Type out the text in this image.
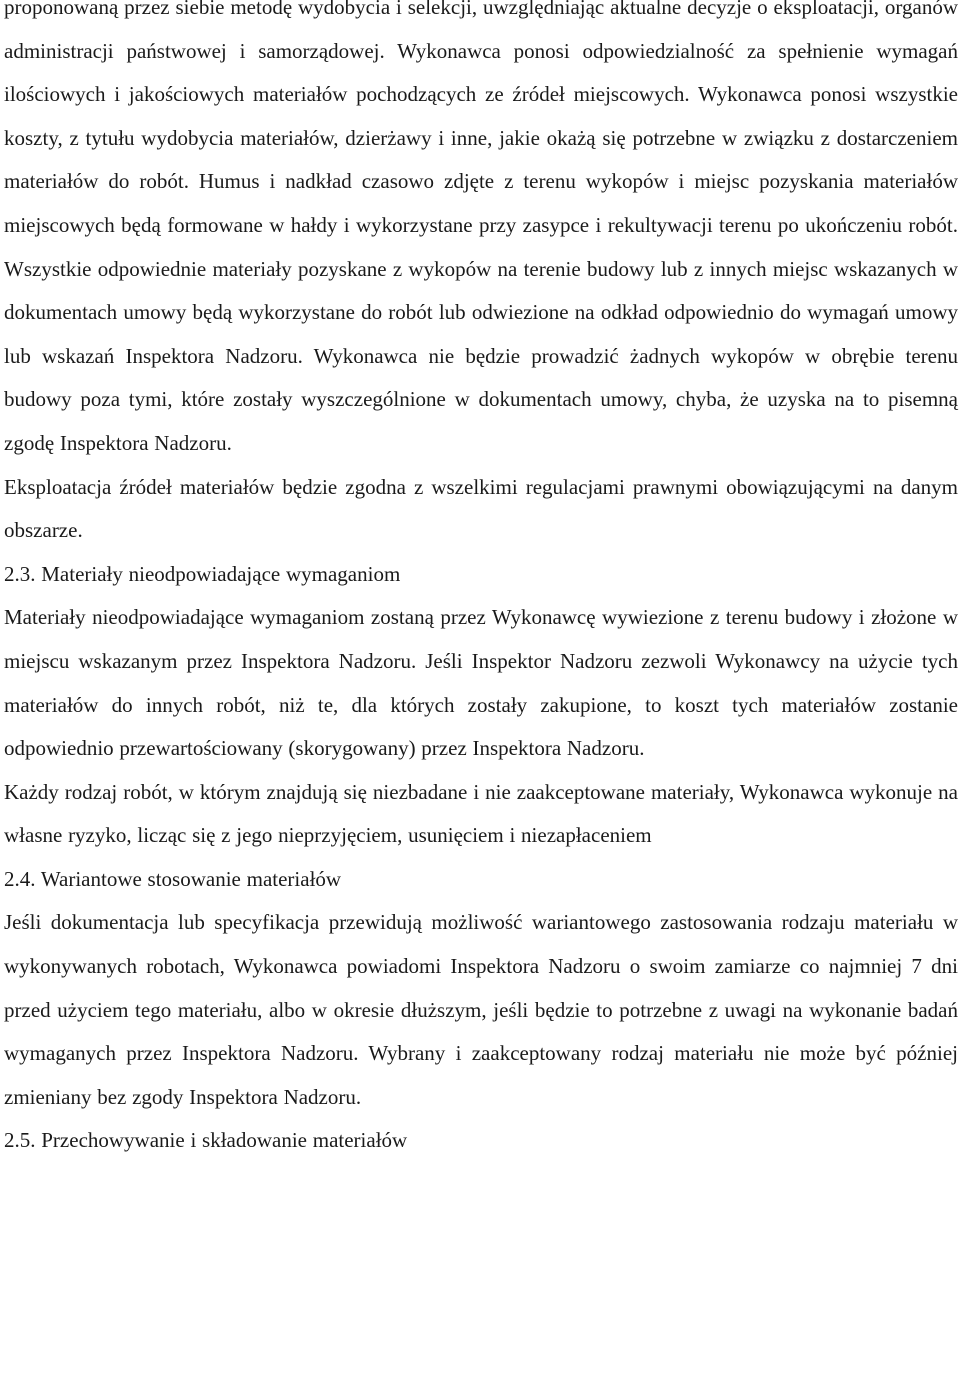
proponowaną przez siebie metodę wydobycia i selekcji, uwzględniając aktualne decyzje o eksploatacji, organów administracji państwowej i samorządowej. Wykonawca ponosi odpowiedzialność za spełnienie wymagań ilościowych i jakościowych materiałów pochodzących ze źródeł miejscowych. Wykonawca ponosi wszystkie koszty, z tytułu wydobycia materiałów, dzierżawy i inne, jakie okażą się potrzebne w związku z dostarczeniem materiałów do robót. Humus i nadkład czasowo zdjęte z terenu wykopów i miejsc pozyskania materiałów miejscowych będą formowane w hałdy i wykorzystane przy zasypce i rekultywacji terenu po ukończeniu robót. Wszystkie odpowiednie materiały pozyskane z wykopów na terenie budowy lub z innych miejsc wskazanych w dokumentach umowy będą wykorzystane do robót lub odwiezione na odkład odpowiednio do wymagań umowy lub wskazań Inspektora Nadzoru. Wykonawca nie będzie prowadzić żadnych wykopów w obrębie terenu budowy poza tymi, które zostały wyszczególnione w dokumentach umowy, chyba, że uzyska na to pisemną zgodę Inspektora Nadzoru.

Eksploatacja źródeł materiałów będzie zgodna z wszelkimi regulacjami prawnymi obowiązującymi na danym obszarze.

2.3. Materiały nieodpowiadające wymaganiom

Materiały nieodpowiadające wymaganiom zostaną przez Wykonawcę wywiezione z terenu budowy i złożone w miejscu wskazanym przez Inspektora Nadzoru. Jeśli Inspektor Nadzoru zezwoli Wykonawcy na użycie tych materiałów do innych robót, niż te, dla których zostały zakupione, to koszt tych materiałów zostanie odpowiednio przewartościowany (skorygowany) przez Inspektora Nadzoru.

Każdy rodzaj robót, w którym znajdują się niezbadane i nie zaakceptowane materiały, Wykonawca wykonuje na własne ryzyko, licząc się z jego nieprzyjęciem, usunięciem i niezapłaceniem

2.4. Wariantowe stosowanie materiałów

Jeśli dokumentacja lub specyfikacja przewidują możliwość wariantowego zastosowania rodzaju materiału w wykonywanych robotach, Wykonawca powiadomi Inspektora Nadzoru o swoim zamiarze co najmniej 7 dni przed użyciem tego materiału, albo w okresie dłuższym, jeśli będzie to potrzebne z uwagi na wykonanie badań wymaganych przez Inspektora Nadzoru. Wybrany i zaakceptowany rodzaj materiału nie może być później zmieniany bez zgody Inspektora Nadzoru.

2.5. Przechowywanie i składowanie materiałów
